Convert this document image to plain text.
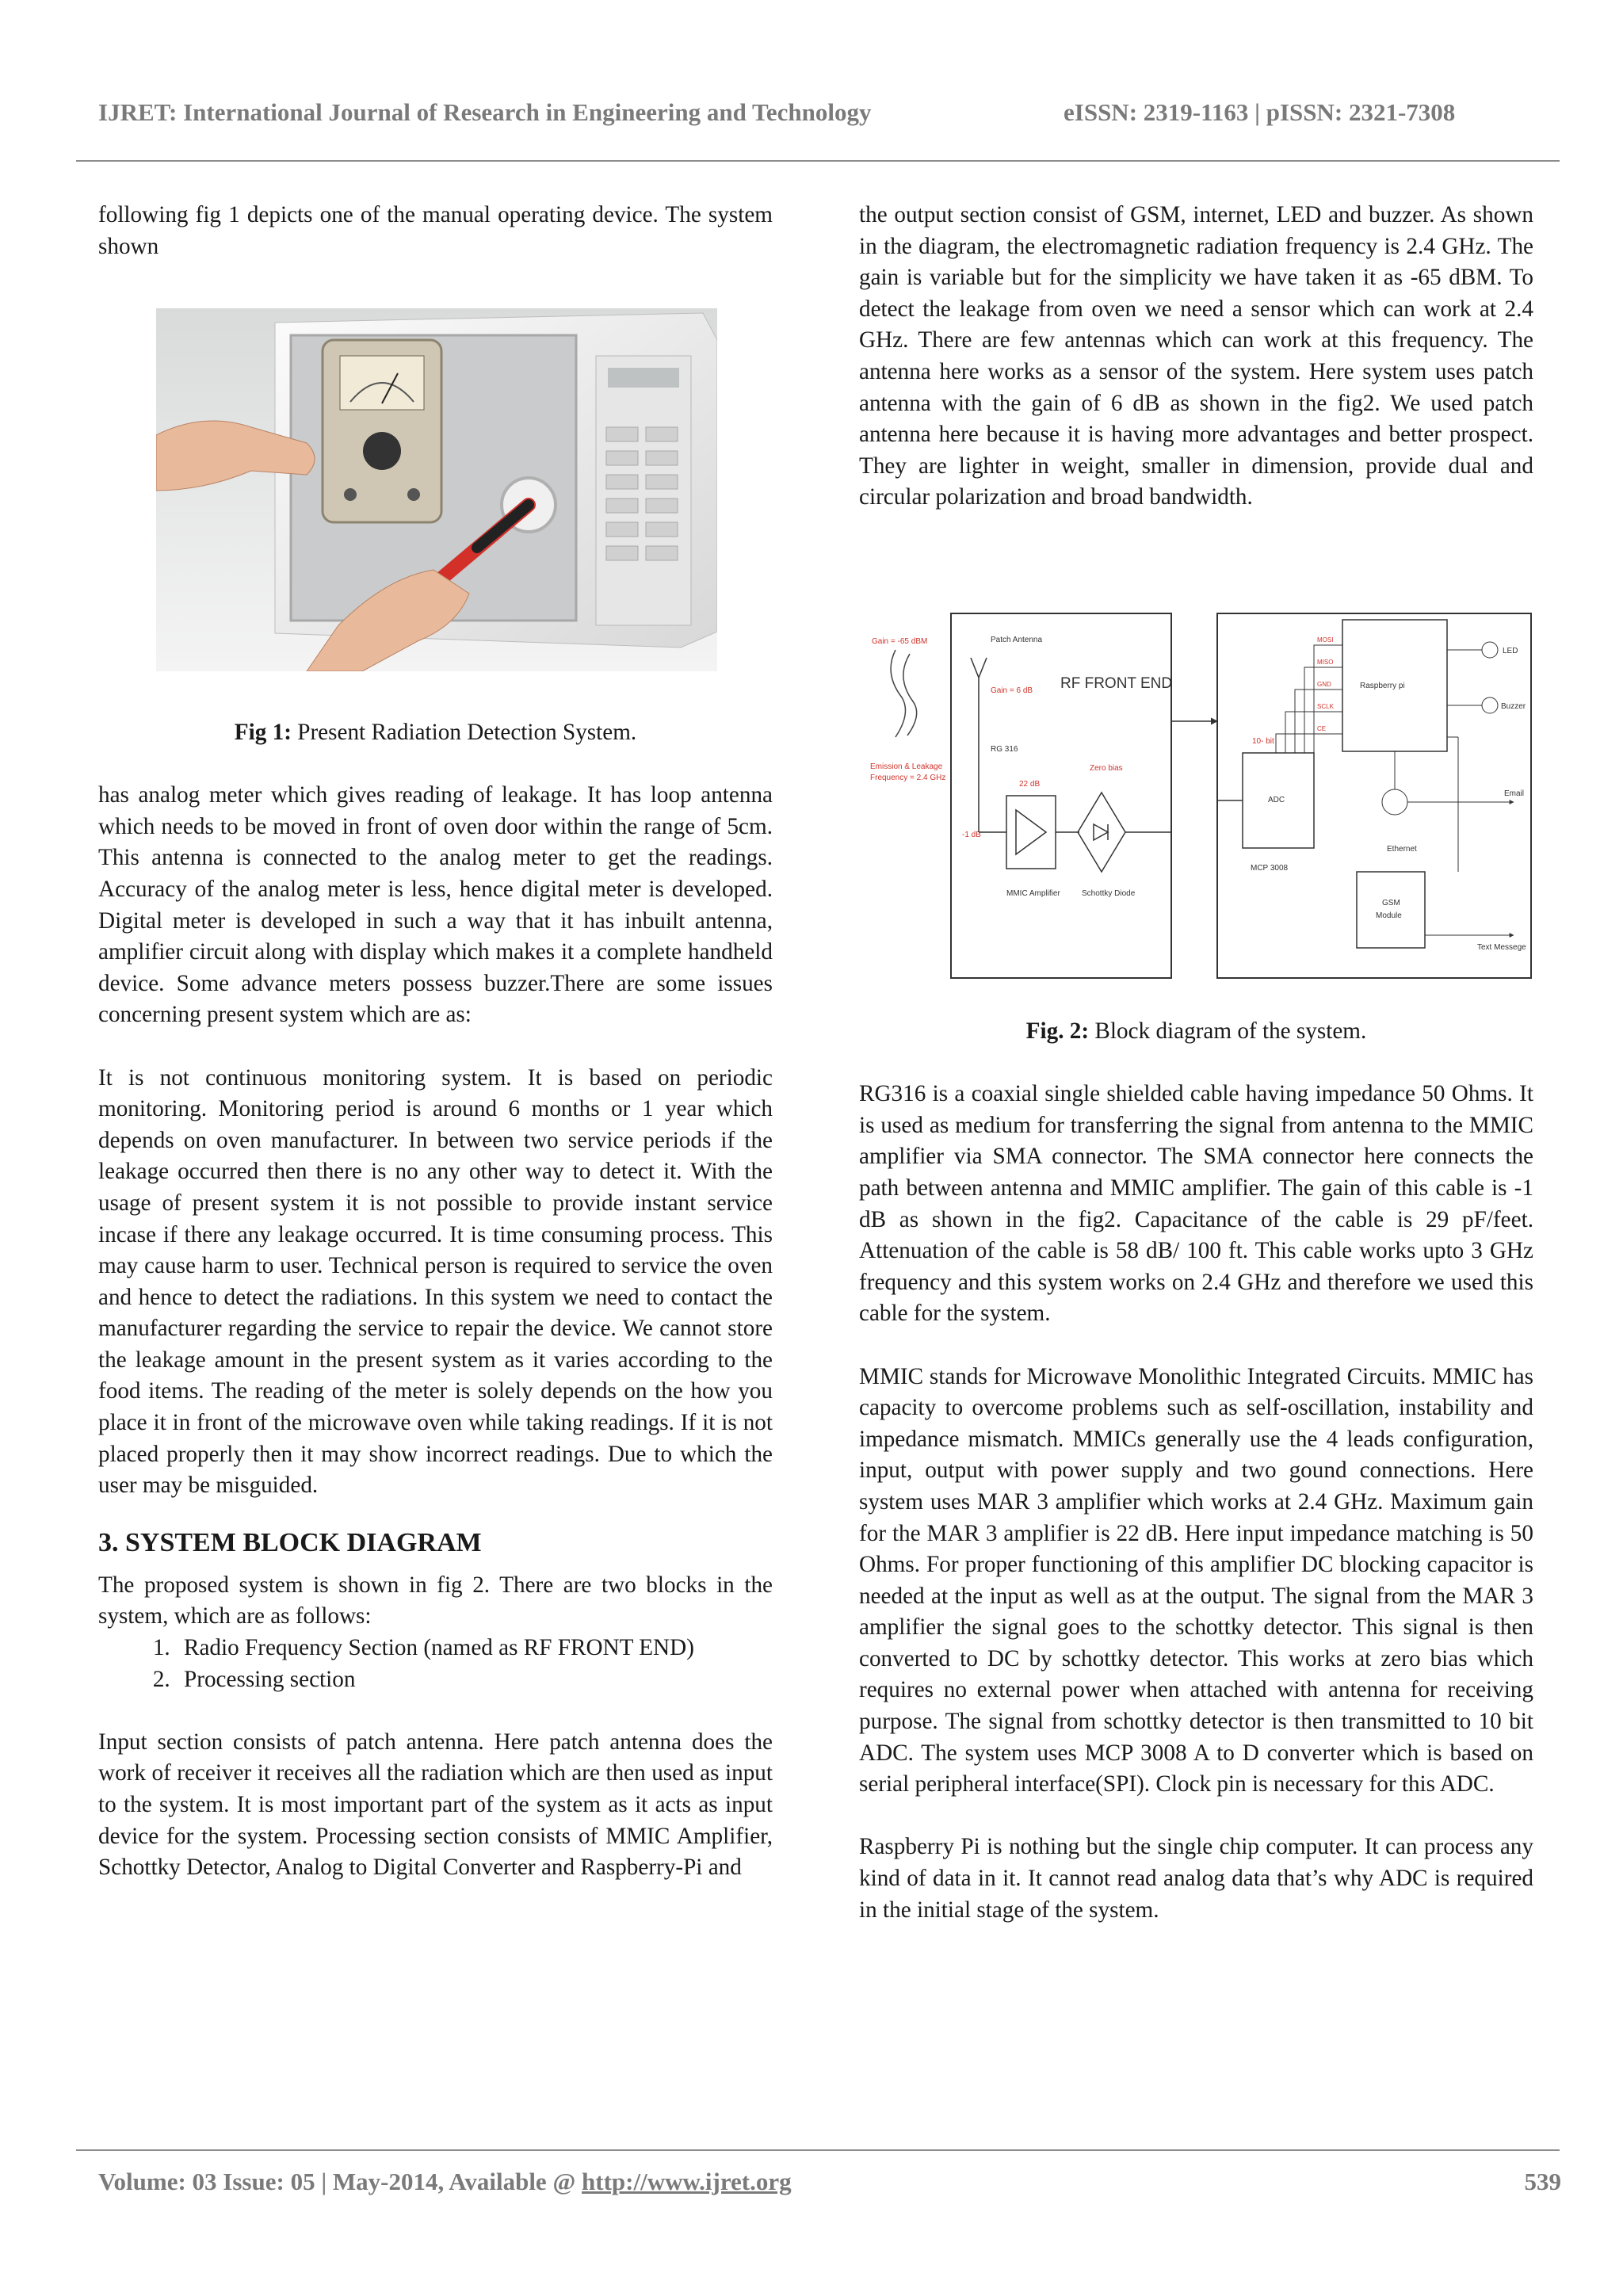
IJRET: International Journal of Research in Engineering and Technology	eISSN: 2319-1163 | pISSN: 2321-7308

following fig 1 depicts one of the manual operating device. The system shown

Fig 1: Present Radiation Detection System.

has analog meter which gives reading of leakage. It has loop antenna which needs to be moved in front of oven door within the range of 5cm. This antenna is connected to the analog meter to get the readings. Accuracy of the analog meter is less, hence digital meter is developed. Digital meter is developed in such a way that it has inbuilt antenna, amplifier circuit along with display which makes it a complete handheld device. Some advance meters possess buzzer.There are some issues concerning present system which are as:

It is not continuous monitoring system. It is based on periodic monitoring. Monitoring period is around 6 months or 1 year which depends on oven manufacturer. In between two service periods if the leakage occurred then there is no any other way to detect it. With the usage of present system it is not possible to provide instant service incase if there any leakage occurred. It is time consuming process. This may cause harm to user. Technical person is required to service the oven and hence to detect the radiations. In this system we need to contact the manufacturer regarding the service to repair the device. We cannot store the leakage amount in the present system as it varies according to the food items. The reading of the meter is solely depends on the how you place it in front of the microwave oven while taking readings. If it is not placed properly then it may show incorrect readings. Due to which the user may be misguided.

3. SYSTEM BLOCK DIAGRAM

The proposed system is shown in fig 2. There are two blocks in the system, which are as follows:

1. Radio Frequency Section (named as RF FRONT END)
2. Processing section

Input section consists of patch antenna. Here patch antenna does the work of receiver it receives all the radiation which are then used as input to the system. It is most important part of the system as it acts as input device for the system. Processing section consists of MMIC Amplifier, Schottky Detector, Analog to Digital Converter and Raspberry-Pi and

the output section consist of GSM, internet, LED and buzzer. As shown in the diagram, the electromagnetic radiation frequency is 2.4 GHz. The gain is variable but for the simplicity we have taken it as -65 dBM. To detect the leakage from oven we need a sensor which can work at 2.4 GHz. There are few antennas which can work at this frequency. The antenna here works as a sensor of the system. Here system uses patch antenna with the gain of 6 dB as shown in the fig2. We used patch antenna here because it is having more advantages and better prospect. They are lighter in weight, smaller in dimension, provide dual and circular polarization and broad bandwidth.

Gain = -65 dBM
Emission & Leakage
Frequency = 2.4 GHz
Patch Antenna
Gain = 6 dB RF FRONT END
RG 316
22 dB
Zero bias
-1 dB
MMIC Amplifier	Schottky Diode
10- bit
ADC
MCP 3008
MOSI
MISO
GND
SCLK
CE
Raspberry pi
LED
Buzzer
Email
Ethernet
GSM
Module
Text Messege

Fig. 2: Block diagram of the system.

RG316 is a coaxial single shielded cable having impedance 50 Ohms. It is used as medium for transferring the signal from antenna to the MMIC amplifier via SMA connector. The SMA connector here connects the path between antenna and MMIC amplifier. The gain of this cable is -1 dB as shown in the fig2. Capacitance of the cable is 29 pF/feet. Attenuation of the cable is 58 dB/ 100 ft. This cable works upto 3 GHz frequency and this system works on 2.4 GHz and therefore we used this cable for the system.

MMIC stands for Microwave Monolithic Integrated Circuits. MMIC has capacity to overcome problems such as self-oscillation, instability and impedance mismatch. MMICs generally use the 4 leads configuration, input, output with power supply and two gound connections. Here system uses MAR 3 amplifier which works at 2.4 GHz. Maximum gain for the MAR 3 amplifier is 22 dB. Here input impedance matching is 50 Ohms. For proper functioning of this amplifier DC blocking capacitor is needed at the input as well as at the output. The signal from the MAR 3 amplifier the signal goes to the schottky detector. This signal is then converted to DC by schottky detector. This works at zero bias which requires no external power when attached with antenna for receiving purpose. The signal from schottky detector is then transmitted to 10 bit ADC. The system uses MCP 3008 A to D converter which is based on serial peripheral interface(SPI). Clock pin is necessary for this ADC.

Raspberry Pi is nothing but the single chip computer. It can process any kind of data in it. It cannot read analog data that’s why ADC is required in the initial stage of the system.

Volume: 03 Issue: 05 | May-2014, Available @ http://www.ijret.org	539
